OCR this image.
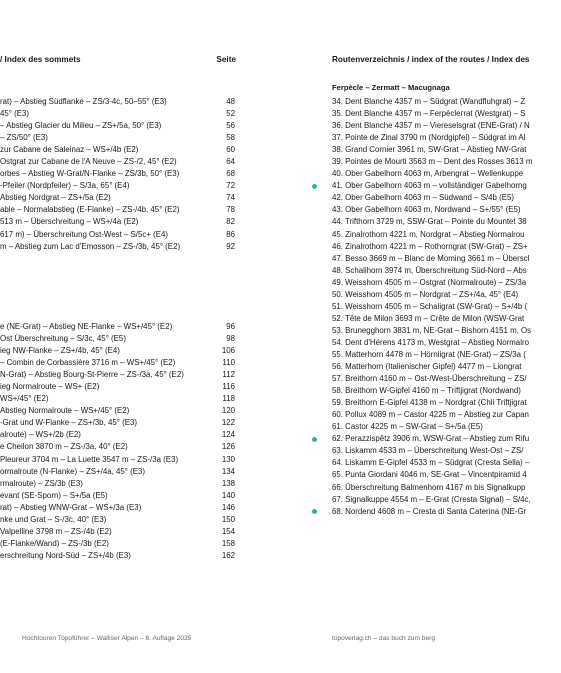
/ Index des sommets	Seite
rat) – Abstieg Südflanke – ZS/3-4c, 50–55° (E3)	48
45° (E3)	52
– Abstieg Glacier du Milieu – ZS+/5a, 50° (E3)	56
– ZS/50° (E3)	58
zur Cabane de Saleinaz – WS+/4b (E2)	60
Ostgrat zur Cabane de l'A Neuve – ZS-/2, 45° (E2)	64
orbes – Abstieg W-Grat/N-Flanke – ZS/3b, 50° (E3)	68
-Pfeiler (Nordpfeiler) – S/3a, 65° (E4)	72
Abstieg Nordgrat – ZS+/5a (E2)	74
able – Normalabstieg (E-Flanke) – ZS-/4b, 45° (E2)	78
513 m – Überschreitung – WS+/4a (E2)	82
617 m) – Überschreitung Ost-West – S/5c+ (E4)	86
m – Abstieg zum Lac d'Emosson – ZS-/3b, 45° (E2)	92
e (NE-Grat) – Abstieg NE-Flanke – WS+/45° (E2)	96
Ost Überschreitung – S/3c, 45° (E5)	98
ieg NW-Flanke – ZS+/4b, 45° (E4)	106
– Combin de Corbassière 3716 m – WS+/45° (E2)	110
N-Grat) – Abstieg Bourg-St-Pierre – ZS-/3a, 45° (E2)	112
ieg Normalroute – WS+ (E2)	116
WS+/45° (E2)	118
Abstieg Normalroute – WS+/45° (E2)	120
-Grat und W-Flanke – ZS+/3b, 45° (E3)	122
alroute) – WS+/2b (E2)	124
e Cheilon 3870 m – ZS-/3a, 40° (E2)	126
Pleureur 3704 m – La Luette 3547 m – ZS-/3a (E3)	130
ormalroute (N-Flanke) – ZS+/4a, 45° (E3)	134
rmalroute) – ZS/3b (E3)	138
evant (SE-Sporn) – S+/5a (E5)	140
rat) – Abstieg WNW-Grat – WS+/3a (E3)	146
nke und Grat – S-/3c, 40° (E3)	150
Valpelline 3798 m – ZS-/4b (E2)	154
(E-Flanke/Wand) – ZS-/3b (E2)	158
erschreitung Nord-Süd – ZS+/4b (E3)	162
Hochtouren Topoführer – Walliser Alpen – 6. Auflage 2025
Routenverzeichnis / index of the routes / Index des
Ferpècle – Zermatt – Macugnaga
34. Dent Blanche 4357 m – Südgrat (Wandfluhgrat) – Z
35. Dent Blanche 4357 m – Ferpècleгrat (Westgrat) – S
36. Dent Blanche 4357 m – Viereselsgrat (ENE-Grat) / N
37. Pointe de Zinal 3790 m (Nordgipfel) – Südgrat im Al
38. Grand Cornier 3961 m, SW-Grat – Abstieg NW-Grat
39. Pointes de Mourti 3563 m – Dent des Rosses 3613 m
40. Ober Gabelhorn 4063 m, Arbengrat – Wellenkuppe
41. Ober Gabelhorn 4063 m – vollständiger Gabelhorng
42. Ober Gabelhorn 4063 m – Südwand – S/4b (E5)
43. Ober Gabelhorn 4063 m, Nordwand – S+/55° (E5)
44. Trifthorn 3729 m, SSW-Grat – Pointe du Mountet 38
45. Zinalrothorn 4221 m, Nordgrat – Abstieg Normalrou
46. Zinalrothorn 4221 m – Rothorngrat (SW-Grat) – ZS+
47. Besso 3669 m – Blanc de Moming 3661 m – Überscl
48. Schalihorn 3974 m, Überschreitung Süd-Nord – Abs
49. Weisshorn 4505 m – Ostgrat (Normalroute) – ZS/3a
50. Weisshorn 4505 m – Nordgrat – ZS+/4a, 45° (E4)
51. Weisshorn 4505 m – Schaligrat (SW-Grat) – S+/4b (
52. Tête de Milon 3693 m – Crête de Milon (WSW-Grat
53. Brunegghorn 3831 m, NE-Grat – Bishorn 4151 m, Os
54. Dent d'Hérens 4173 m, Westgrat – Abstieg Normalro
55. Matterhorn 4478 m – Hörnligrat (NE-Grat) – ZS/3a (
56. Matterhorn (Italienischer Gipfel) 4477 m – Liongrat
57. Breithorn 4160 m – Ost-/West-Überschreitung – ZS/
58. Breithorn W-Gipfel 4160 m – Triftjigrat (Nordwand)
59. Breithorn E-Gipfel 4138 m – Nordgrat (Chli Triftjigrat
60. Pollux 4089 m – Castor 4225 m – Abstieg zur Capan
61. Castor 4225 m – SW-Grat – S+/5a (E5)
62. Perazzispêtz 3906 m, WSW-Grat – Abstieg zum Rifu
63. Liskamm 4533 m – Überschreitung West-Ost – ZS/
64. Liskamm E-Gipfel 4533 m – Südgrat (Cresta Sella) –
65. Punta Giordani 4046 m, SE-Grat – Vincentpiramid 4
66. Überschreitung Balmenhorn 4167 m bis Signalkupp
67. Signalkuppe 4554 m – E-Grat (Cresta Signal) – S/4c,
68. Nordend 4608 m – Cresta di Santa Caterina (NE-Gr
topoverlag.ch – das buch zum berg
